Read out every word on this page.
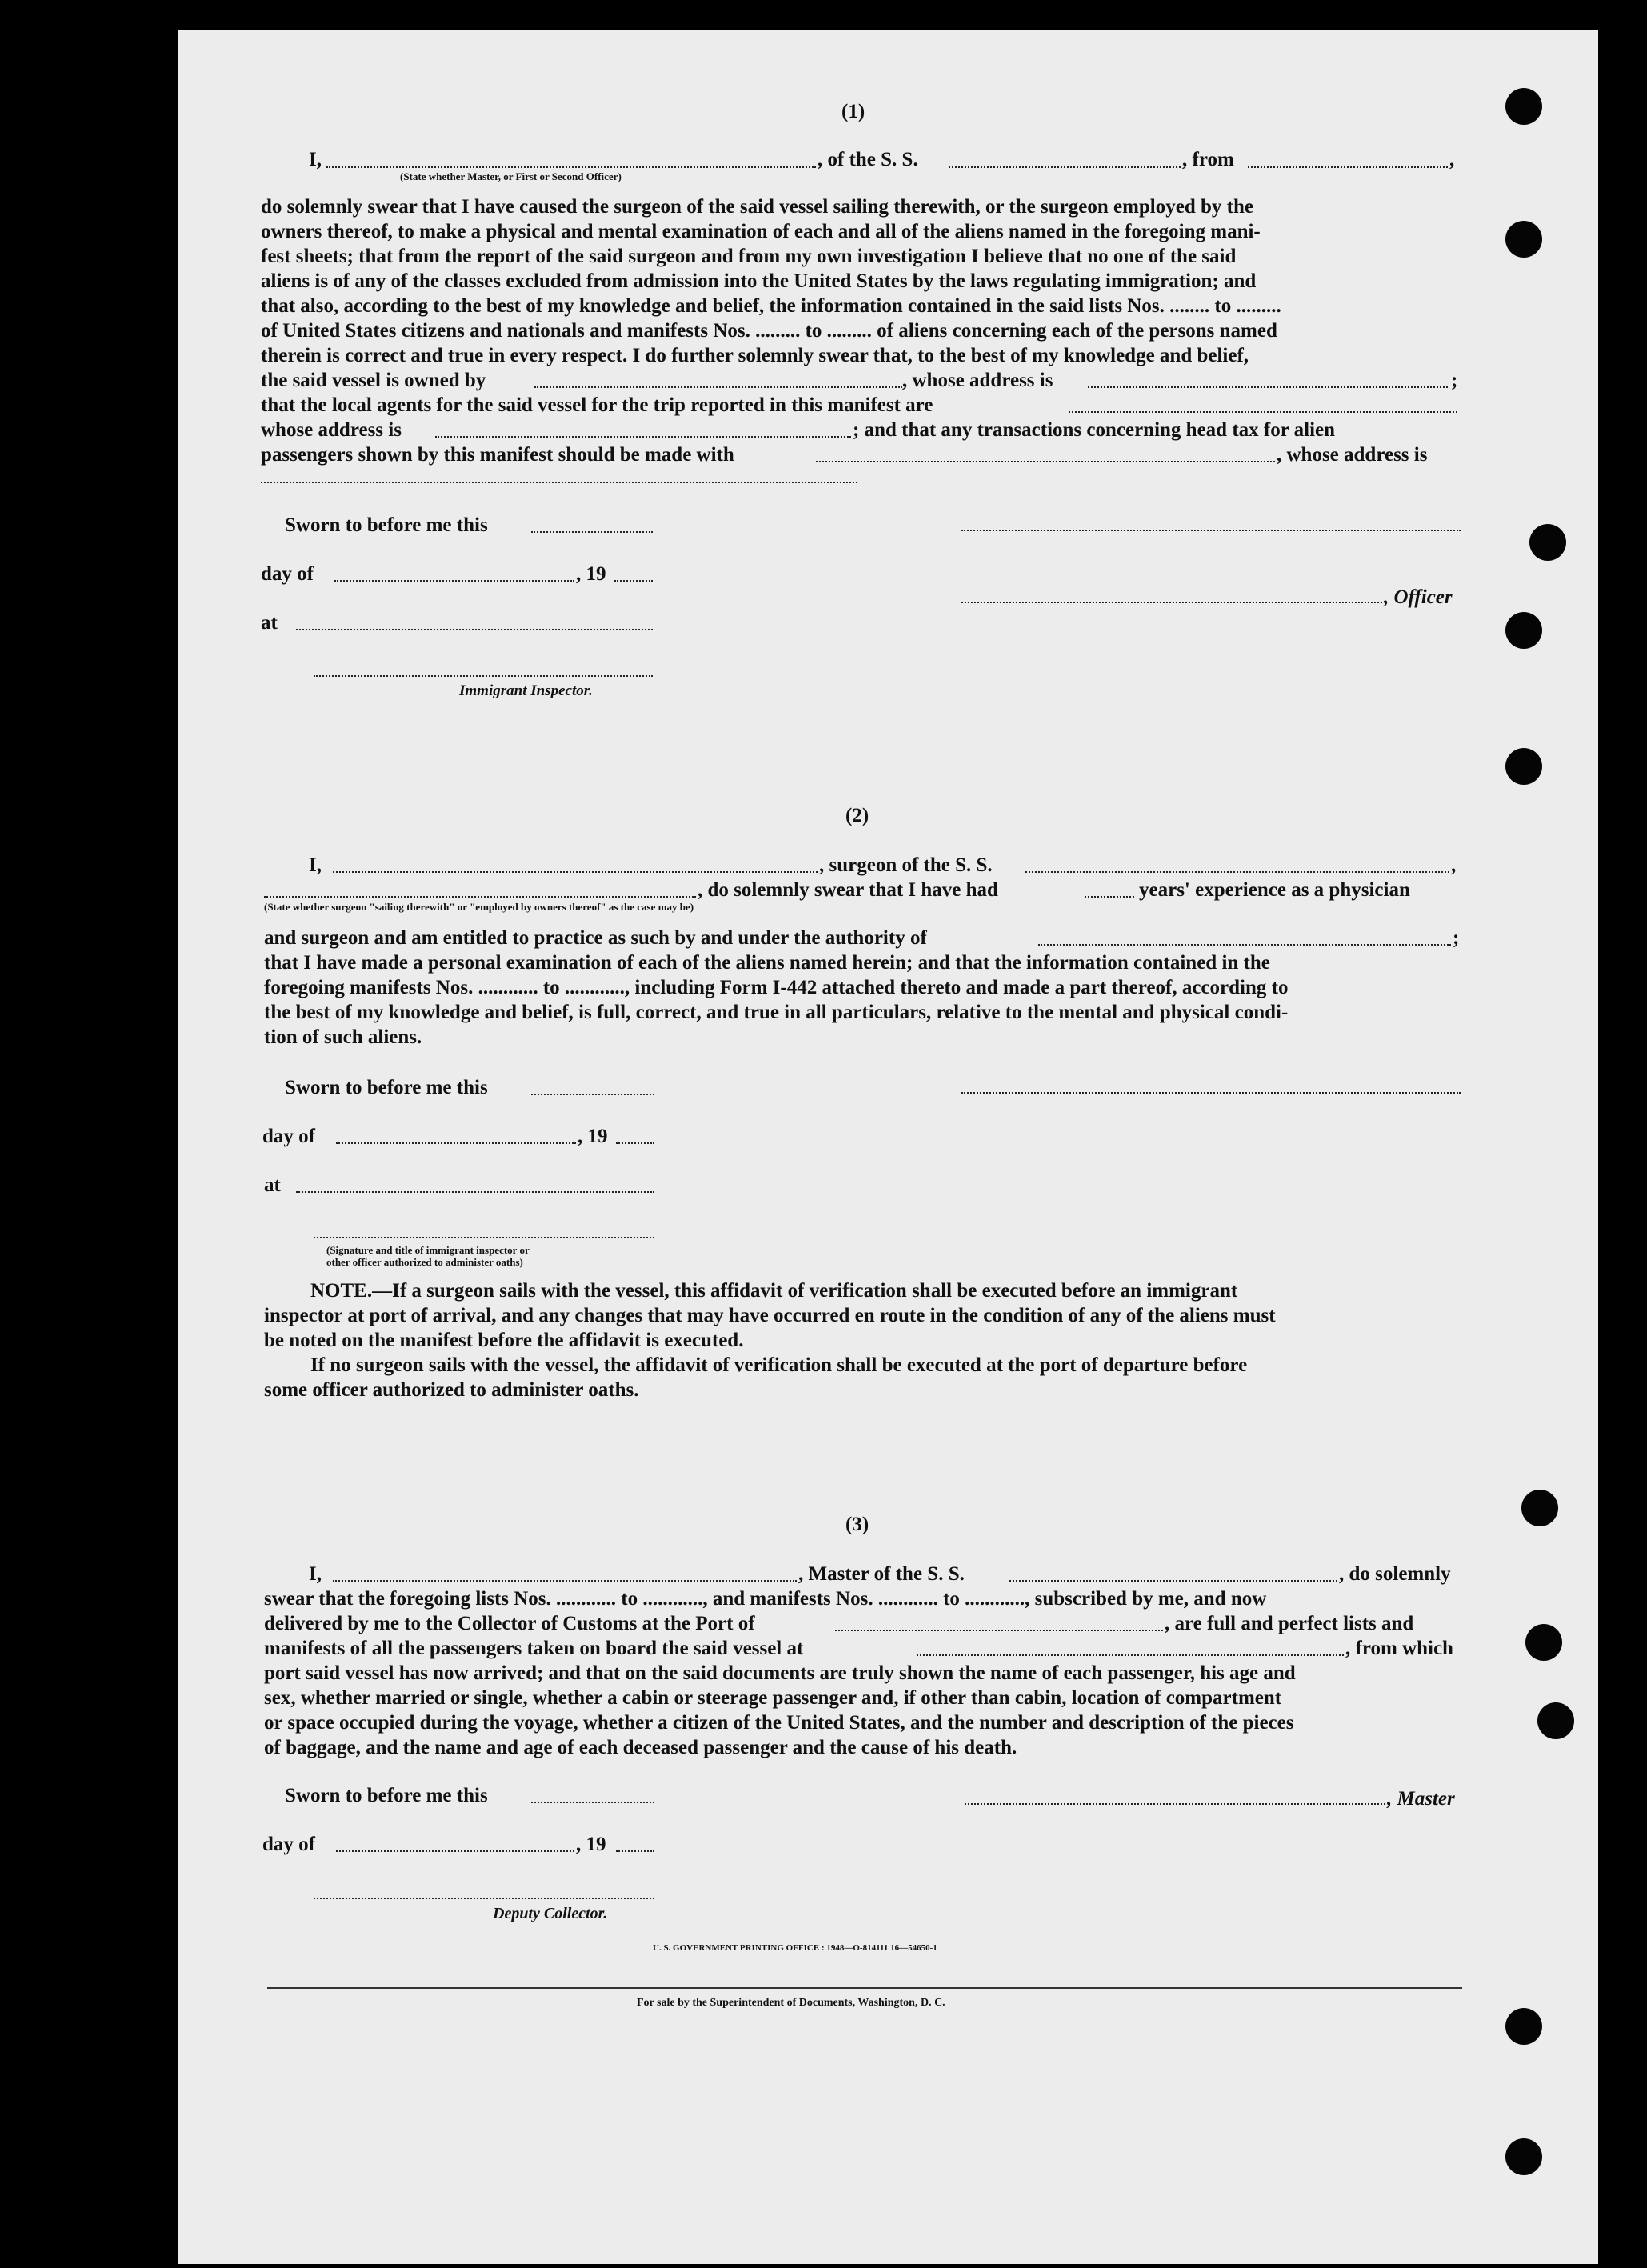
(1)
I,	, of the S. S.	, from	,
(State whether Master, or First or Second Officer)
do solemnly swear that I have caused the surgeon of the said vessel sailing therewith, or the surgeon employed by the
owners thereof, to make a physical and mental examination of each and all of the aliens named in the foregoing mani-
fest sheets; that from the report of the said surgeon and from my own investigation I believe that no one of the said
aliens is of any of the classes excluded from admission into the United States by the laws regulating immigration; and
that also, according to the best of my knowledge and belief, the information contained in the said lists Nos. ........ to .........
of United States citizens and nationals and manifests Nos. ......... to ......... of aliens concerning each of the persons named
therein is correct and true in every respect. I do further solemnly swear that, to the best of my knowledge and belief,
the said vessel is owned by	, whose address is	;
that the local agents for the said vessel for the trip reported in this manifest are
whose address is	; and that any transactions concerning head tax for alien
passengers shown by this manifest should be made with	, whose address is
Sworn to before me this
day of	, 19
, Officer
at
Immigrant Inspector.
(2)
I,	, surgeon of the S. S.	,
, do solemnly swear that I have had	years' experience as a physician
(State whether surgeon "sailing therewith" or "employed by owners thereof" as the case may be)
and surgeon and am entitled to practice as such by and under the authority of	;
that I have made a personal examination of each of the aliens named herein; and that the information contained in the
foregoing manifests Nos. ............ to ............, including Form I-442 attached thereto and made a part thereof, according to
the best of my knowledge and belief, is full, correct, and true in all particulars, relative to the mental and physical condi-
tion of such aliens.
Sworn to before me this
day of	, 19
at
(Signature and title of immigrant inspector or
other officer authorized to administer oaths)
NOTE.—If a surgeon sails with the vessel, this affidavit of verification shall be executed before an immigrant
inspector at port of arrival, and any changes that may have occurred en route in the condition of any of the aliens must
be noted on the manifest before the affidavit is executed.
If no surgeon sails with the vessel, the affidavit of verification shall be executed at the port of departure before
some officer authorized to administer oaths.
(3)
I,	, Master of the S. S.	, do solemnly
swear that the foregoing lists Nos. ............ to ............, and manifests Nos. ............ to ............, subscribed by me, and now
delivered by me to the Collector of Customs at the Port of	, are full and perfect lists and
manifests of all the passengers taken on board the said vessel at	, from which
port said vessel has now arrived; and that on the said documents are truly shown the name of each passenger, his age and
sex, whether married or single, whether a cabin or steerage passenger and, if other than cabin, location of compartment
or space occupied during the voyage, whether a citizen of the United States, and the number and description of the pieces
of baggage, and the name and age of each deceased passenger and the cause of his death.
Sworn to before me this	, Master
day of	, 19
Deputy Collector.
U. S. GOVERNMENT PRINTING OFFICE : 1948—O-814111 16—54650-1
For sale by the Superintendent of Documents, Washington, D. C.
